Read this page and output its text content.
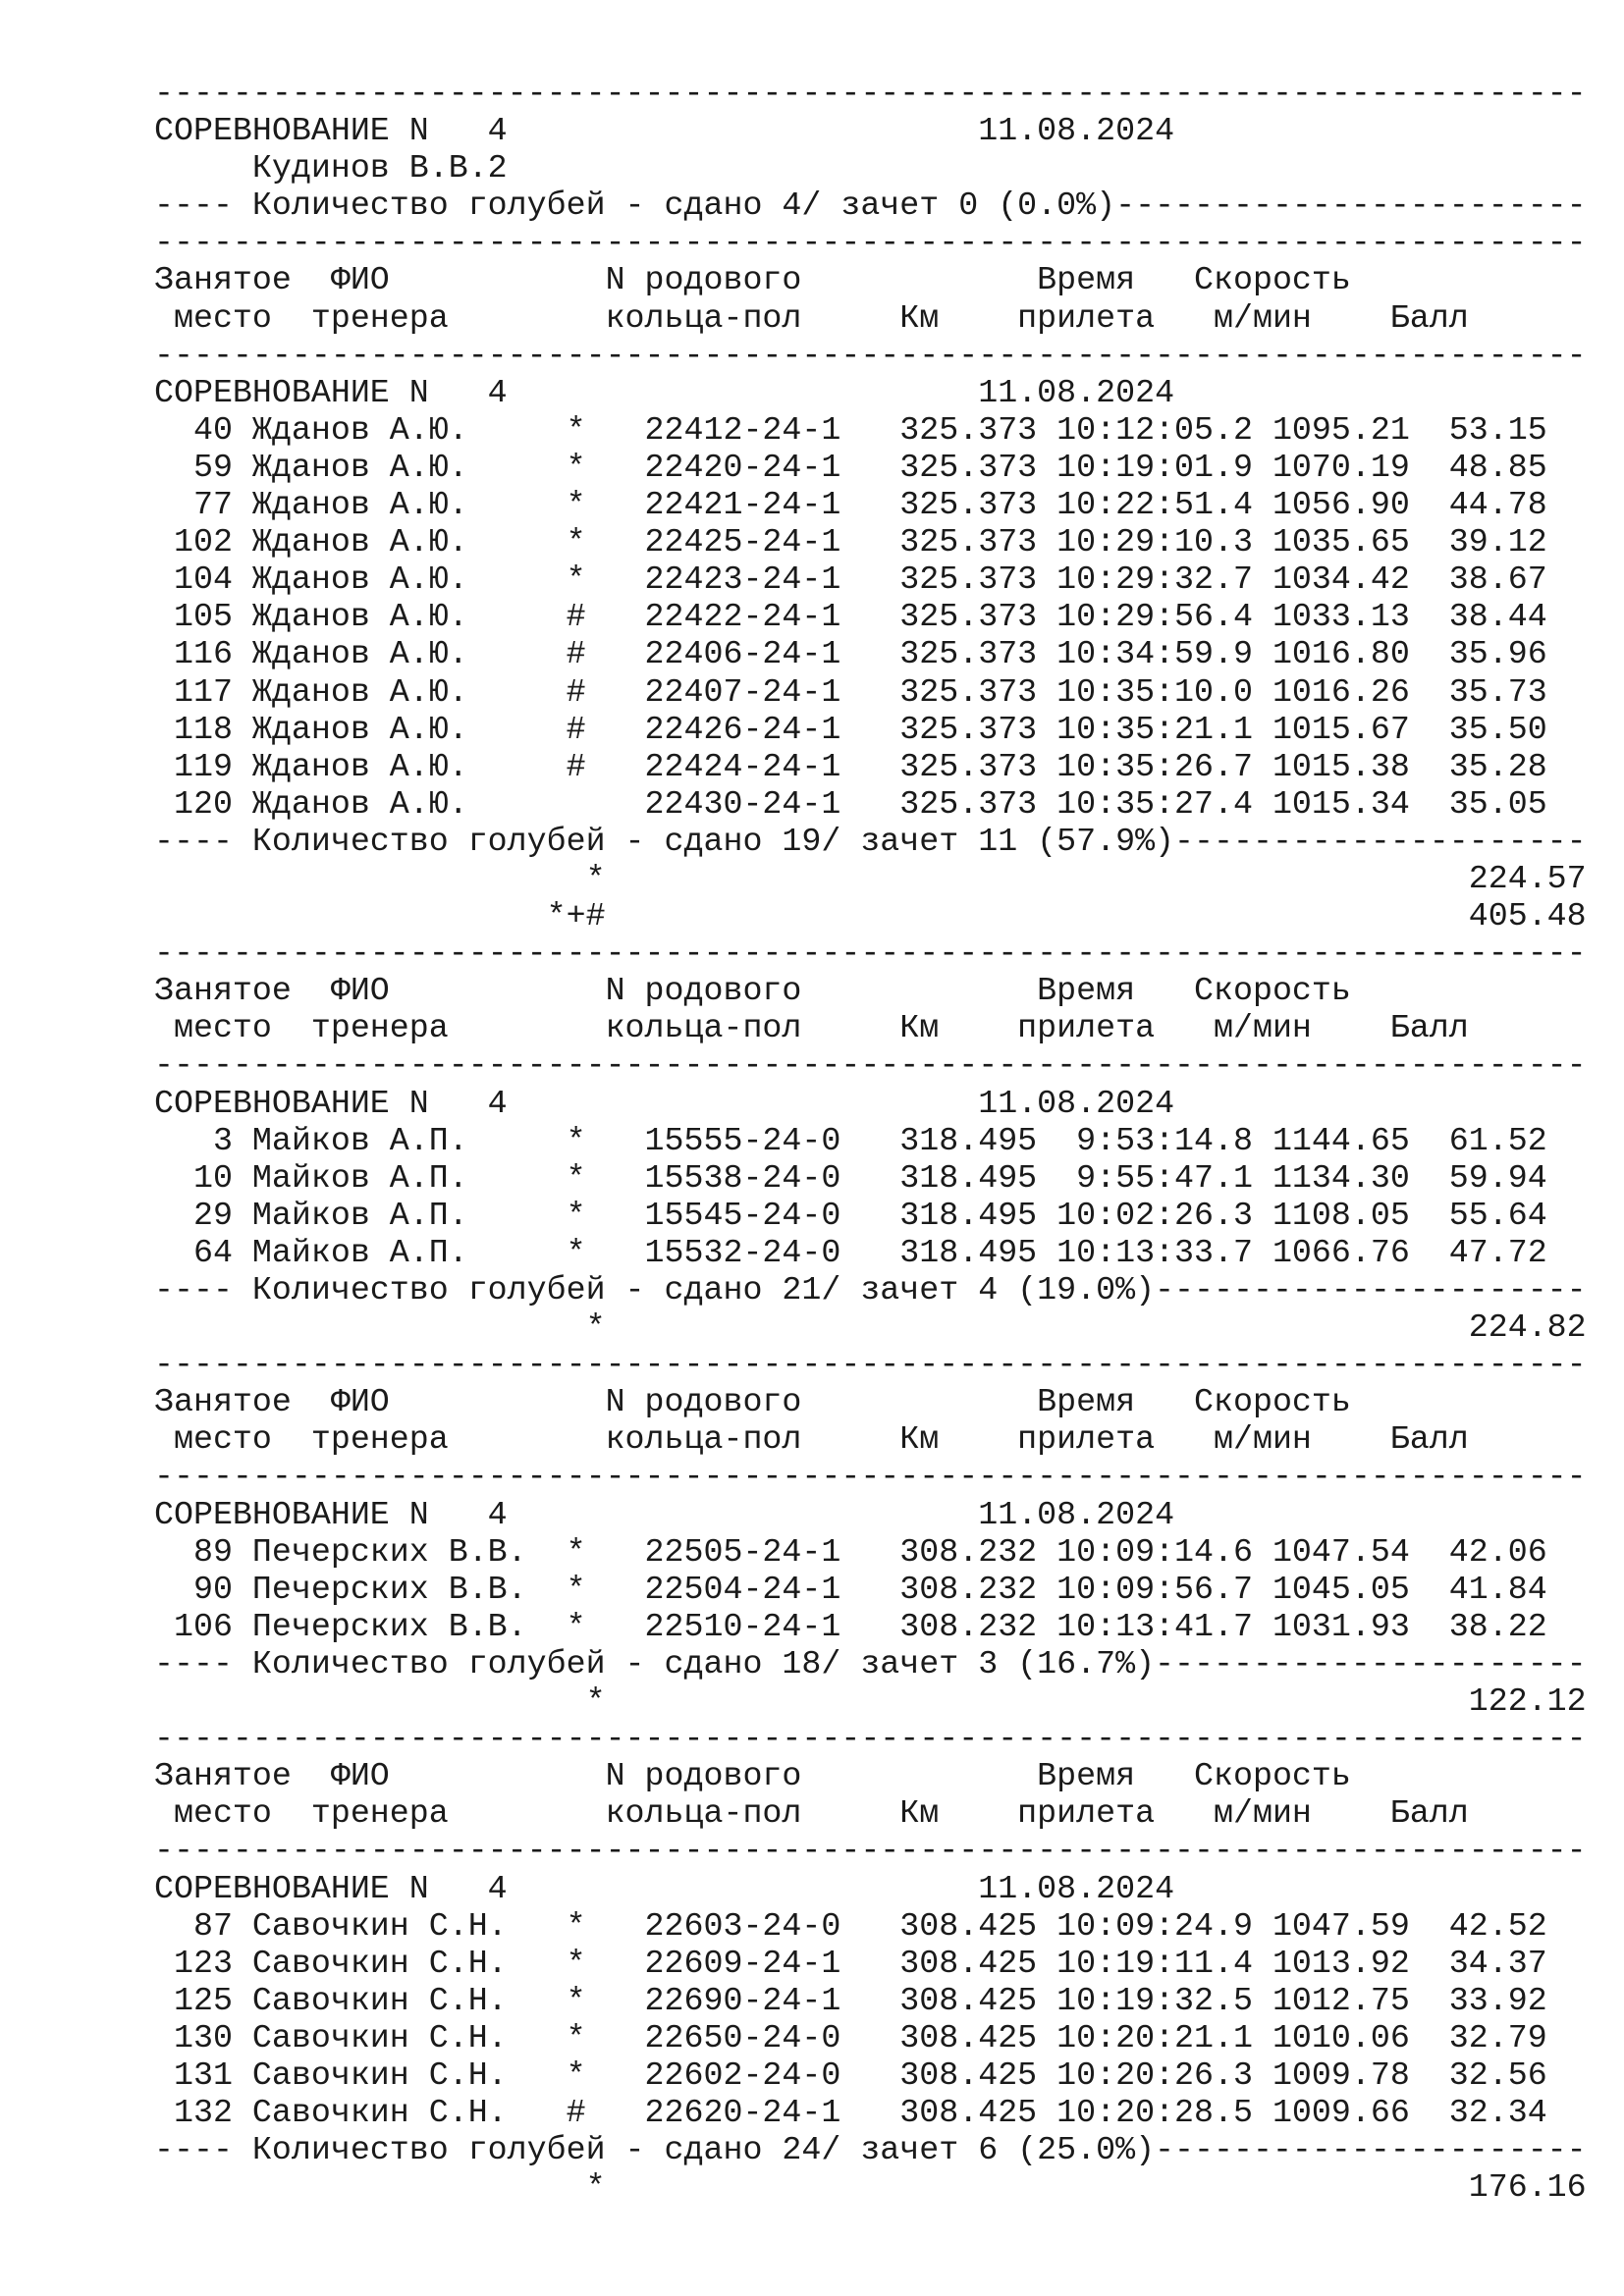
-------------------------------------------------------------------------
СОРЕВНОВАНИЕ N   4	11.08.2024
Кудинов В.В.2
---- Количество голубей - сдано 4/ зачет 0 (0.0%)------------------------
-------------------------------------------------------------------------
Занятое  ФИО           N родового            Время   Скорость
место  тренера        кольца-пол     Км    прилета   м/мин    Балл
-------------------------------------------------------------------------
СОРЕВНОВАНИЕ N   4	11.08.2024
40 Жданов А.Ю.     *   22412-24-1   325.373 10:12:05.2 1095.21  53.15
59 Жданов А.Ю.     *   22420-24-1   325.373 10:19:01.9 1070.19  48.85
77 Жданов А.Ю.     *   22421-24-1   325.373 10:22:51.4 1056.90  44.78
102 Жданов А.Ю.     *   22425-24-1   325.373 10:29:10.3 1035.65  39.12
104 Жданов А.Ю.     *   22423-24-1   325.373 10:29:32.7 1034.42  38.67
105 Жданов А.Ю.     #   22422-24-1   325.373 10:29:56.4 1033.13  38.44
116 Жданов А.Ю.     #   22406-24-1   325.373 10:34:59.9 1016.80  35.96
117 Жданов А.Ю.     #   22407-24-1   325.373 10:35:10.0 1016.26  35.73
118 Жданов А.Ю.     #   22426-24-1   325.373 10:35:21.1 1015.67  35.50
119 Жданов А.Ю.     #   22424-24-1   325.373 10:35:26.7 1015.38  35.28
120 Жданов А.Ю.         22430-24-1   325.373 10:35:27.4 1015.34  35.05
---- Количество голубей - сдано 19/ зачет 11 (57.9%)---------------------
*                                            224.57
*+#                                            405.48
-------------------------------------------------------------------------
Занятое  ФИО           N родового            Время   Скорость
место  тренера        кольца-пол     Км    прилета   м/мин    Балл
-------------------------------------------------------------------------
СОРЕВНОВАНИЕ N   4	11.08.2024
3 Майков А.П.     *   15555-24-0   318.495  9:53:14.8 1144.65  61.52
10 Майков А.П.     *   15538-24-0   318.495  9:55:47.1 1134.30  59.94
29 Майков А.П.     *   15545-24-0   318.495 10:02:26.3 1108.05  55.64
64 Майков А.П.     *   15532-24-0   318.495 10:13:33.7 1066.76  47.72
---- Количество голубей - сдано 21/ зачет 4 (19.0%)----------------------
*                                            224.82
-------------------------------------------------------------------------
Занятое  ФИО           N родового            Время   Скорость
место  тренера        кольца-пол     Км    прилета   м/мин    Балл
-------------------------------------------------------------------------
СОРЕВНОВАНИЕ N   4	11.08.2024
89 Печерских В.В.  *   22505-24-1   308.232 10:09:14.6 1047.54  42.06
90 Печерских В.В.  *   22504-24-1   308.232 10:09:56.7 1045.05  41.84
106 Печерских В.В.  *   22510-24-1   308.232 10:13:41.7 1031.93  38.22
---- Количество голубей - сдано 18/ зачет 3 (16.7%)----------------------
*                                            122.12
-------------------------------------------------------------------------
Занятое  ФИО           N родового            Время   Скорость
место  тренера        кольца-пол     Км    прилета   м/мин    Балл
-------------------------------------------------------------------------
СОРЕВНОВАНИЕ N   4	11.08.2024
87 Савочкин С.Н.   *   22603-24-0   308.425 10:09:24.9 1047.59  42.52
123 Савочкин С.Н.   *   22609-24-1   308.425 10:19:11.4 1013.92  34.37
125 Савочкин С.Н.   *   22690-24-1   308.425 10:19:32.5 1012.75  33.92
130 Савочкин С.Н.   *   22650-24-0   308.425 10:20:21.1 1010.06  32.79
131 Савочкин С.Н.   *   22602-24-0   308.425 10:20:26.3 1009.78  32.56
132 Савочкин С.Н.   #   22620-24-1   308.425 10:20:28.5 1009.66  32.34
---- Количество голубей - сдано 24/ зачет 6 (25.0%)----------------------
*                                            176.16
